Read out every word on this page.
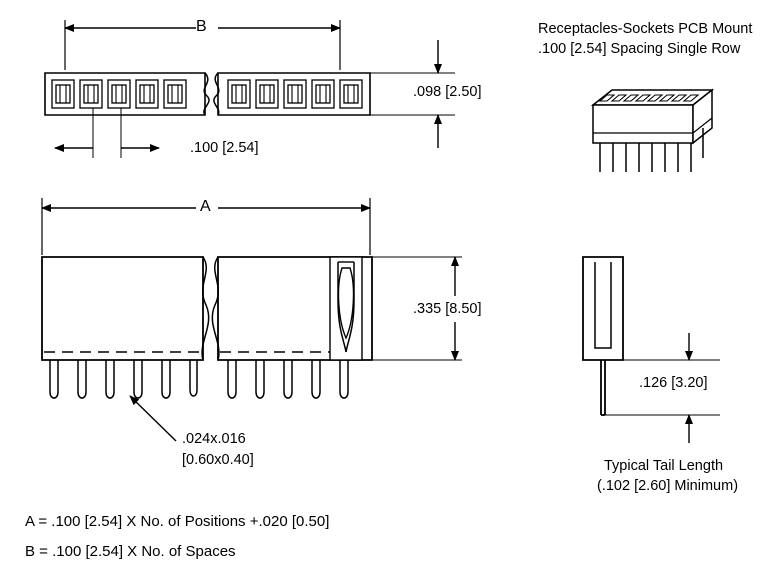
Receptacles-Sockets PCB Mount
.100 [2.54] Spacing Single Row
B
A
.098 [2.50]
.100 [2.54]
.335 [8.50]
.126 [3.20]
.024x.016
[0.60x0.40]	Typical Tail Length
(.102 [2.60] Minimum)
A = .100 [2.54] X No. of Positions +.020 [0.50]
B = .100 [2.54] X No. of Spaces
